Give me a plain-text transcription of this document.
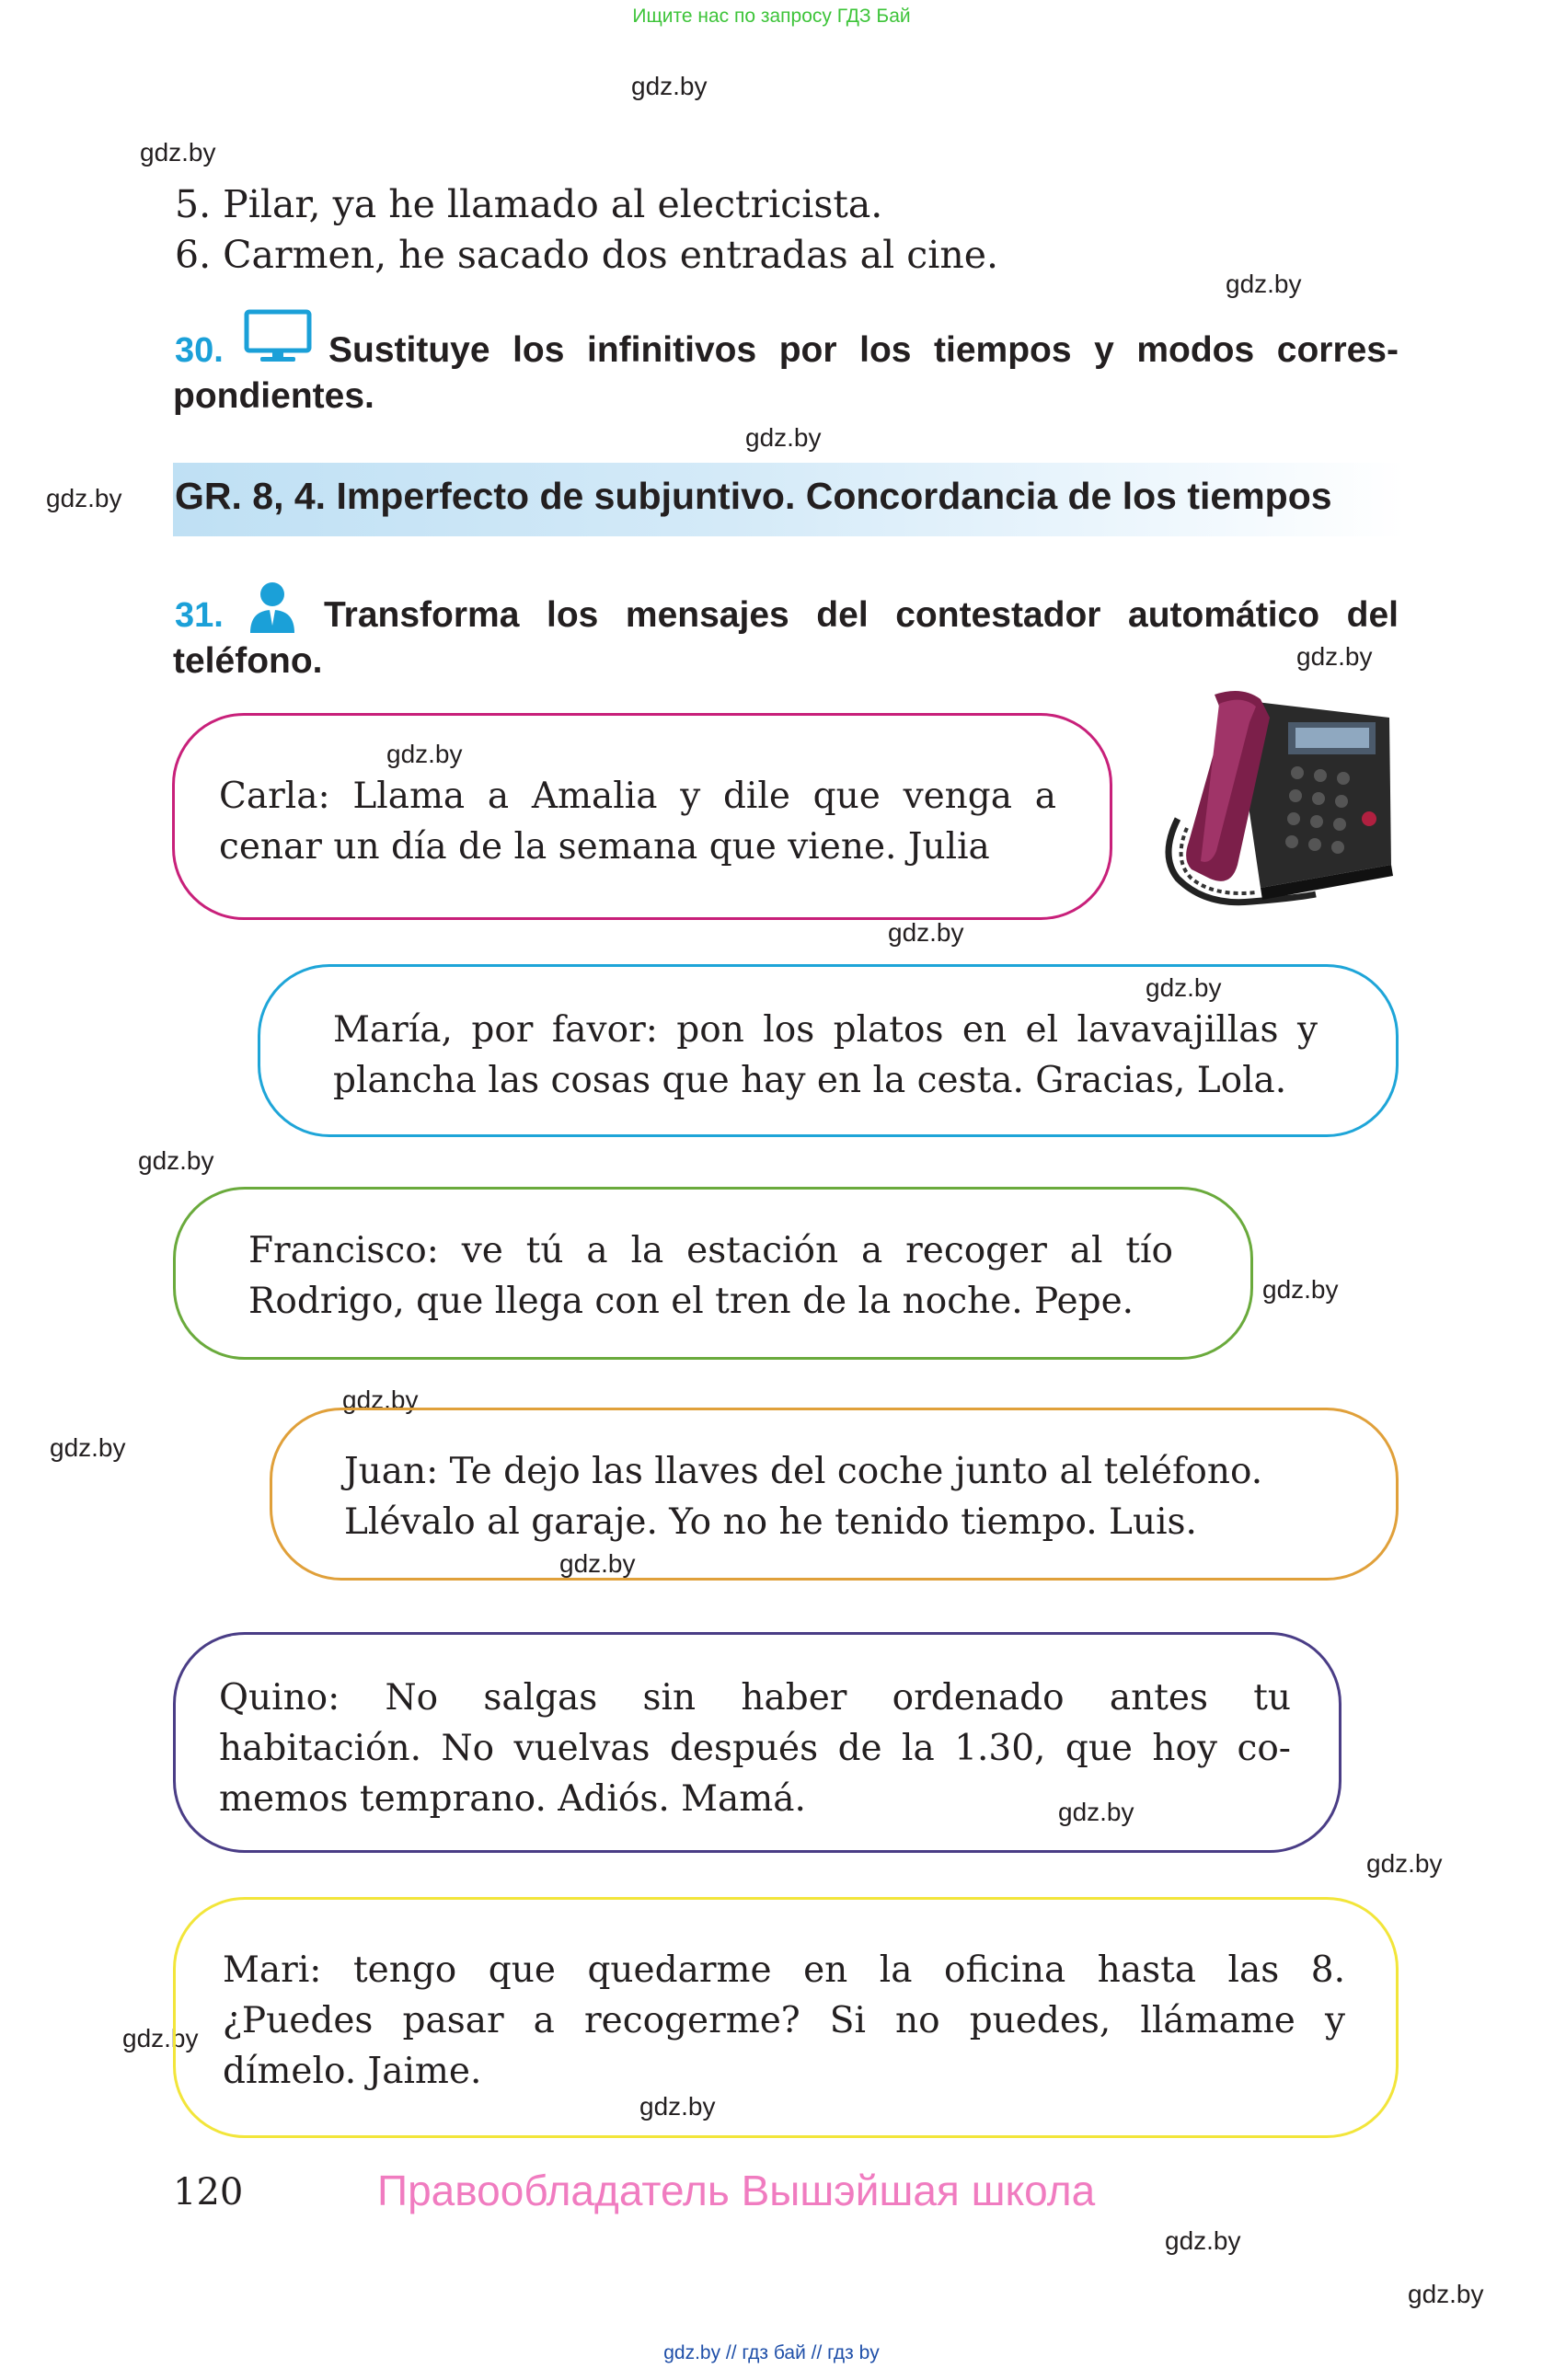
Ищите нас по запросу ГДЗ Бай
gdz.by
gdz.by
gdz.by
gdz.by
gdz.by
gdz.by
gdz.by
gdz.by
gdz.by
gdz.by
gdz.by
gdz.by
gdz.by
gdz.by
gdz.by
gdz.by
gdz.by
gdz.by
gdz.by
gdz.by
5. Pilar, ya he llamado al electricista.
6. Carmen, he sacado dos entradas al cine.
30.	Sustituye los infinitivos por los tiempos y modos corres-
pondientes.
GR. 8, 4. Imperfecto de subjuntivo. Concordancia de los tiempos
31.	Transforma los mensajes del contestador automático del
teléfono.
Carla: Llama a Amalia y dile que venga a
cenar un día de la semana que viene. Julia
María, por favor: pon los platos en el lavavajillas y
plancha las cosas que hay en la cesta. Gracias, Lola.
Francisco: ve tú a la estación a recoger al tío
Rodrigo, que llega con el tren de la noche. Pepe.
Juan: Te dejo las llaves del coche junto al teléfono.
Llévalo al garaje. Yo no he tenido tiempo. Luis.
Quino: No salgas sin haber ordenado antes tu
habitación. No vuelvas después de la 1.30, que hoy co-
memos temprano. Adiós. Mamá.
Mari: tengo que quedarme en la oficina hasta las 8.
¿Puedes pasar a recogerme? Si no puedes, llámame y
dímelo. Jaime.
120	Правообладатель Вышэйшая школа
gdz.by // гдз бай // гдз by
